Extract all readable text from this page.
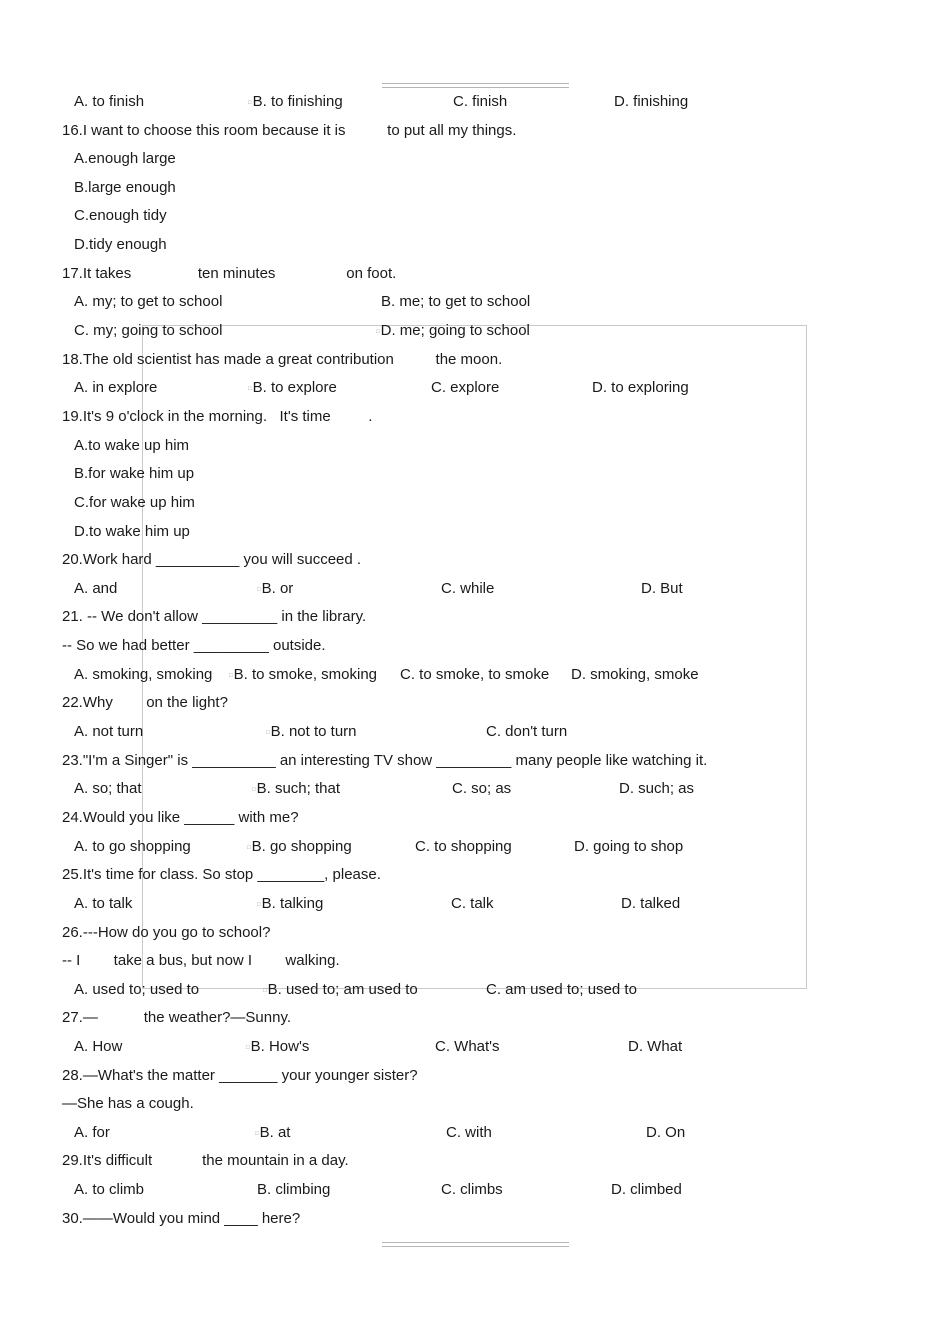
A. to finish	□B. to finishing	C. finish	D. finishing
16.I want to choose this room because it is          to put all my things.
A.enough large
B.large enough
C.enough tidy
D.tidy enough
17.It takes                ten minutes                 on foot.
A. my; to get to school	B. me; to get to school
C. my; going to school	□D. me; going to school
18.The old scientist has made a great contribution          the moon.
A. in explore	□B. to explore	C. explore	D. to exploring
19.It's 9 o'clock in the morning.   It's time         .
A.to wake up him
B.for wake him up
C.for wake up him
D.to wake him up
20.Work hard __________ you will succeed .
A. and	□B. or	C. while	D. But
21. -- We don't allow _________ in the library.
-- So we had better _________ outside.
A. smoking, smoking	□B. to smoke, smoking C. to smoke, to smoke D. smoking, smoke
22.Why        on the light?
A. not turn	□B. not to turn	C. don't turn
23."I'm a Singer" is __________ an interesting TV show _________ many people like watching it.
A. so; that	□B. such; that	C. so; as	D. such; as
24.Would you like ______ with me?
A. to go shopping	□B. go shopping	C. to shopping	D. going to shop
25.It's time for class. So stop ________, please.
A. to talk	□B. talking	C. talk	D. talked
26.---How do you go to school?
-- I        take a bus, but now I        walking.
A. used to; used to	□B. used to; am used to	C. am used to; used to
27.—           the weather?—Sunny.
A. How	□B. How's	C. What's	D. What
28.—What's the matter _______ your younger sister?
—She has a cough.
A. for	□B. at	C. with	D. On
29.It's difficult            the mountain in a day.
A. to climb	B. climbing	C. climbs	D. climbed
30.——Would you mind ____ here?
